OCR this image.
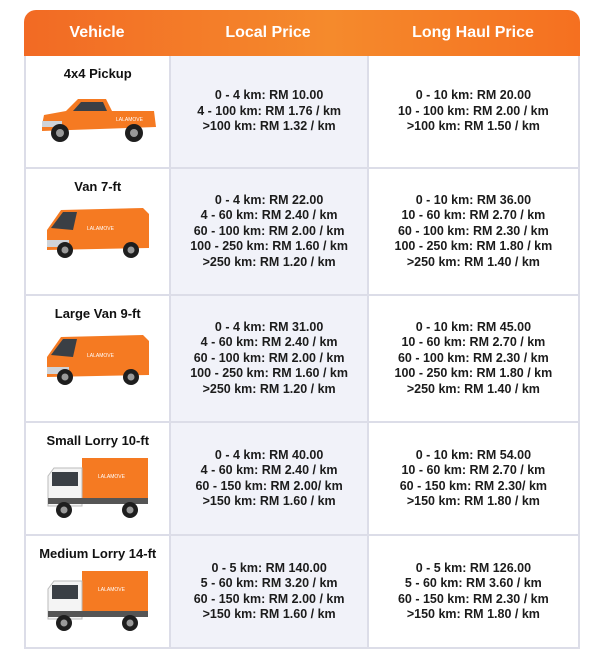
Vehicle	Local Price	Long Haul Price
4x4 Pickup
LALAMOVE
0 - 4 km: RM 10.00
4 - 100 km: RM 1.76 / km
>100 km: RM 1.32 / km
0 - 10 km: RM 20.00
10 - 100 km: RM 2.00 / km
>100 km: RM 1.50 / km
Van 7-ft
LALAMOVE
0 - 4 km: RM 22.00
4 - 60 km: RM 2.40 / km
60 - 100 km: RM 2.00 / km
100 - 250 km: RM 1.60 / km
>250 km: RM 1.20 / km
0 - 10 km: RM 36.00
10 - 60 km: RM 2.70 / km
60 - 100 km: RM 2.30 / km
100 - 250 km: RM 1.80 / km
>250 km: RM 1.40 / km
Large Van 9-ft
LALAMOVE
0 - 4 km: RM 31.00
4 - 60 km: RM 2.40 / km
60 - 100 km: RM 2.00 / km
100 - 250 km: RM 1.60 / km
>250 km: RM 1.20 / km
0 - 10 km: RM 45.00
10 - 60 km: RM 2.70 / km
60 - 100 km: RM 2.30 / km
100 - 250 km: RM 1.80 / km
>250 km: RM 1.40 / km
Small Lorry 10-ft
LALAMOVE
0 - 4 km: RM 40.00
4 - 60 km: RM 2.40 / km
60 - 150 km: RM 2.00/ km
>150 km: RM 1.60 / km
0 - 10 km: RM 54.00
10 - 60 km: RM 2.70 / km
60 - 150 km: RM 2.30/ km
>150 km: RM 1.80 / km
Medium Lorry 14-ft
LALAMOVE
0 - 5 km: RM 140.00
5 - 60 km: RM 3.20 / km
60 - 150 km: RM 2.00 / km
>150 km: RM 1.60 / km
0 - 5 km: RM 126.00
5 - 60 km: RM 3.60 / km
60 - 150 km: RM 2.30 / km
>150 km: RM 1.80 / km
